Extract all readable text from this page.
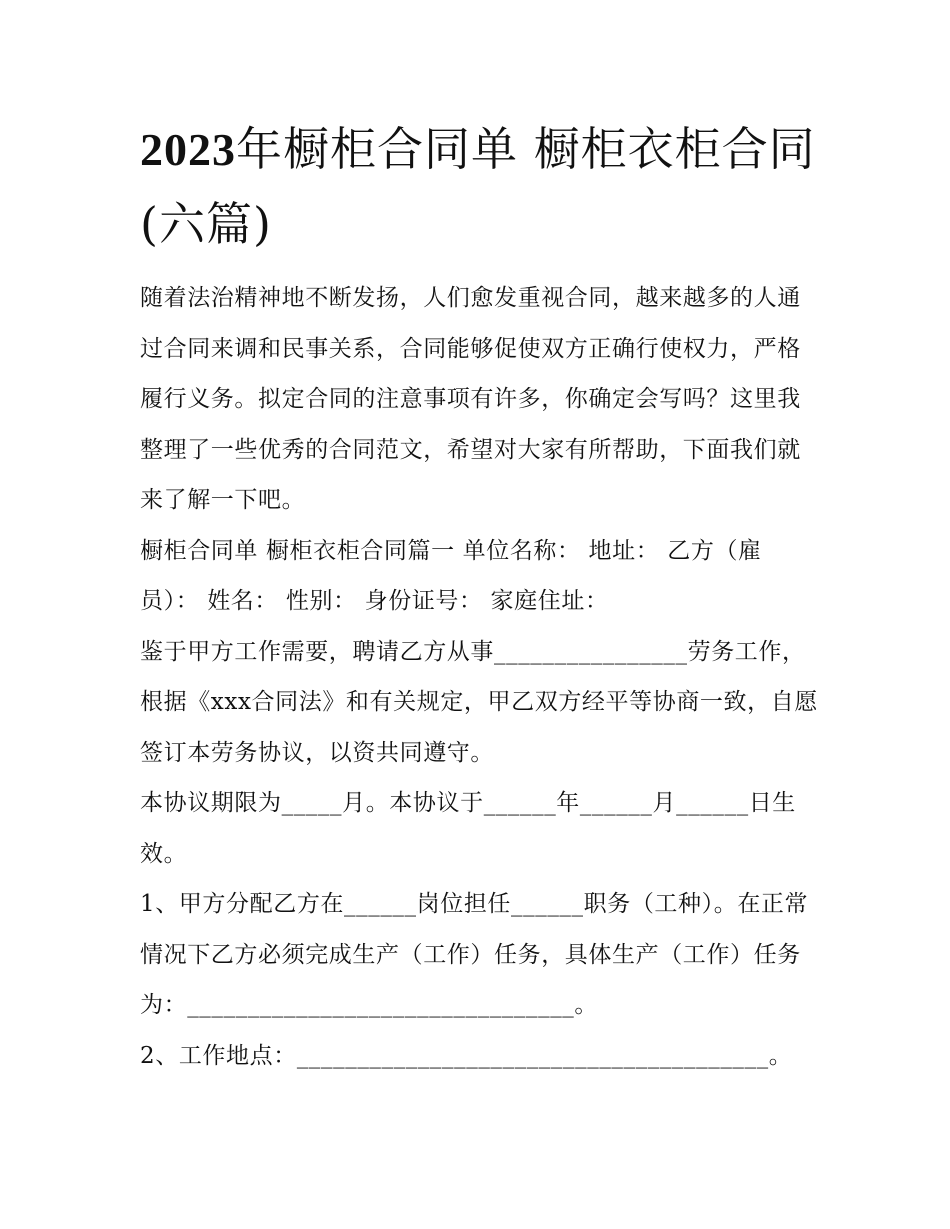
2023年橱柜合同单 橱柜衣柜合同(六篇)

随着法治精神地不断发扬，人们愈发重视合同，越来越多的人通过合同来调和民事关系，合同能够促使双方正确行使权力，严格履行义务。拟定合同的注意事项有许多，你确定会写吗？这里我整理了一些优秀的合同范文，希望对大家有所帮助，下面我们就来了解一下吧。

橱柜合同单 橱柜衣柜合同篇一 单位名称： 地址： 乙方（雇员）： 姓名： 性别： 身份证号： 家庭住址：

鉴于甲方工作需要，聘请乙方从事________________劳务工作，根据《xxx合同法》和有关规定，甲乙双方经平等协商一致，自愿签订本劳务协议，以资共同遵守。

本协议期限为_____月。本协议于______年______月______日生效。

1、甲方分配乙方在______岗位担任______职务（工种）。在正常情况下乙方必须完成生产（工作）任务，具体生产（工作）任务为：________________________________。

2、工作地点：_______________________________________。
